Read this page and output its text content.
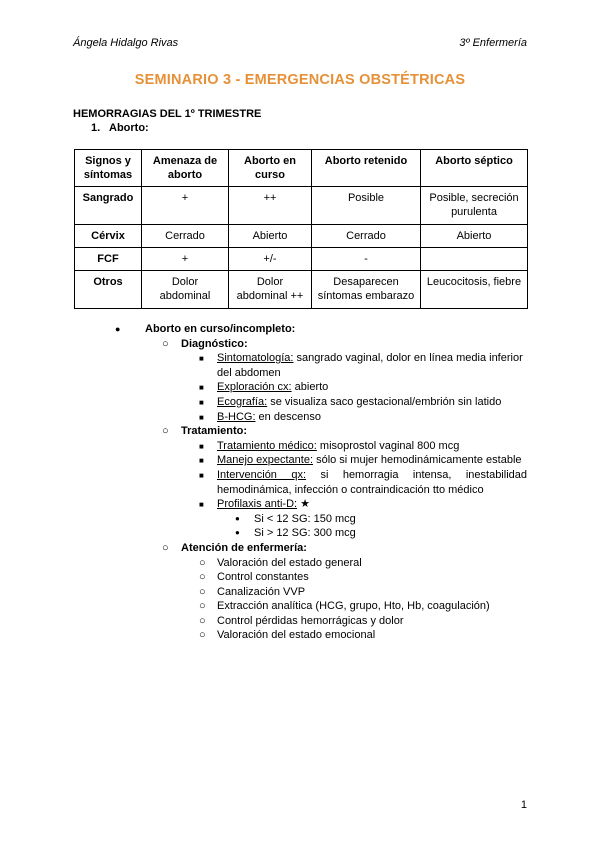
Ángela Hidalgo Rivas	3º Enfermería
SEMINARIO 3 - EMERGENCIAS OBSTÉTRICAS
HEMORRAGIAS DEL 1º TRIMESTRE
1. Aborto:
Signos y síntomas	Amenaza de aborto	Aborto en curso	Aborto retenido	Aborto séptico
Sangrado	+	++	Posible	Posible, secreción purulenta
Cérvix	Cerrado	Abierto	Cerrado	Abierto
FCF	+	+/-	-	
Otros	Dolor abdominal	Dolor abdominal ++	Desaparecen síntomas embarazo	Leucocitosis, fiebre
● Aborto en curso/incompleto:
○ Diagnóstico:
■ Sintomatología: sangrado vaginal, dolor en línea media inferior del abdomen
■ Exploración cx: abierto
■ Ecografía: se visualiza saco gestacional/embrión sin latido
■ B-HCG: en descenso
○ Tratamiento:
■ Tratamiento médico: misoprostol vaginal 800 mcg
■ Manejo expectante: sólo si mujer hemodinámicamente estable
■ Intervención qx: si hemorragia intensa, inestabilidad hemodinámica, infección o contraindicación tto médico
■ Profilaxis anti-D: ★
● Si < 12 SG: 150 mcg
● Si > 12 SG: 300 mcg
○ Atención de enfermería:
○ Valoración del estado general
○ Control constantes
○ Canalización VVP
○ Extracción analítica (HCG, grupo, Hto, Hb, coagulación)
○ Control pérdidas hemorrágicas y dolor
○ Valoración del estado emocional
1
